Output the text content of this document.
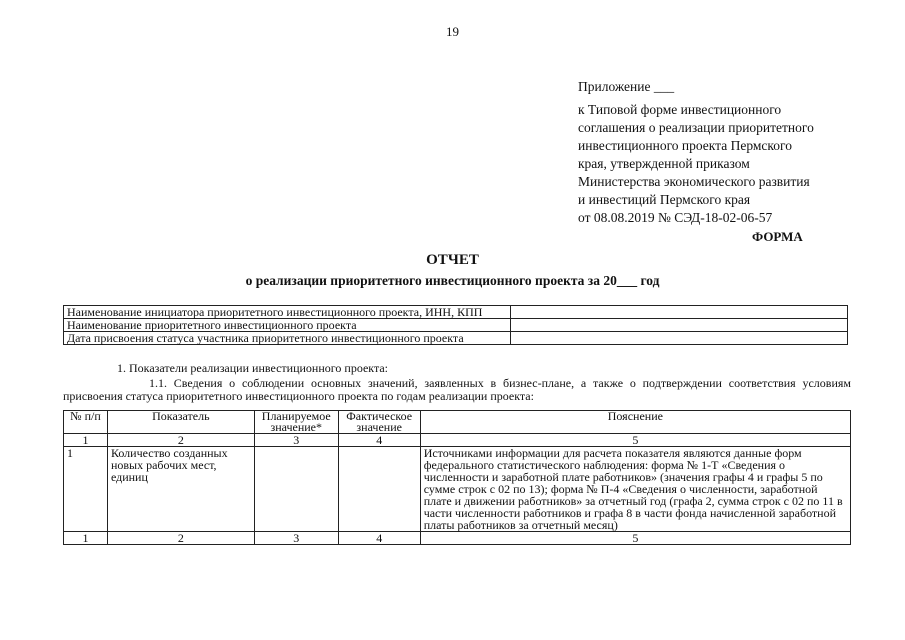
19
Приложение ___
к Типовой форме инвестиционного
соглашения о реализации приоритетного
инвестиционного проекта Пермского
края, утвержденной приказом
Министерства экономического развития
и инвестиций Пермского края
от 08.08.2019 № СЭД-18-02-06-57
ФОРМА
ОТЧЕТ
о реализации приоритетного инвестиционного проекта за 20___ год
Наименование инициатора приоритетного инвестиционного проекта, ИНН, КПП	
Наименование приоритетного инвестиционного проекта	
Дата присвоения статуса участника приоритетного инвестиционного проекта	
1. Показатели реализации инвестиционного проекта:
1.1. Сведения о соблюдении основных значений, заявленных в бизнес-плане, а также о подтверждении соответствия условиям присвоения статуса приоритетного инвестиционного проекта по годам реализации проекта:
№ п/п	Показатель	Планируемое значение*	Фактическое значение	Пояснение
1	2	3	4	5
1	Количество созданных новых рабочих мест, единиц			Источниками информации для расчета показателя являются данные форм федерального статистического наблюдения: форма № 1-Т «Сведения о численности и заработной плате работников» (значения графы 4 и графы 5 по сумме строк с 02 по 13); форма № П-4 «Сведения о численности, заработной плате и движении работников» за отчетный год (графа 2, сумма строк с 02 по 11 в части численности работников и графа 8 в части фонда начисленной заработной платы работников за отчетный месяц)
1	2	3	4	5
